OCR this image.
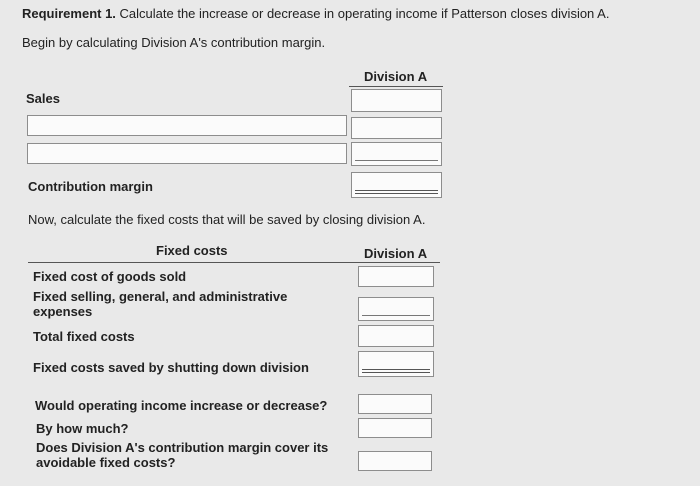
Requirement 1. Calculate the increase or decrease in operating income if Patterson closes division A.
Begin by calculating Division A's contribution margin.
Division A
Sales
Contribution margin
Now, calculate the fixed costs that will be saved by closing division A.
Fixed costs	Division A
Fixed cost of goods sold
Fixed selling, general, and administrative expenses
Total fixed costs
Fixed costs saved by shutting down division
Would operating income increase or decrease?
By how much?
Does Division A's contribution margin cover its avoidable fixed costs?
